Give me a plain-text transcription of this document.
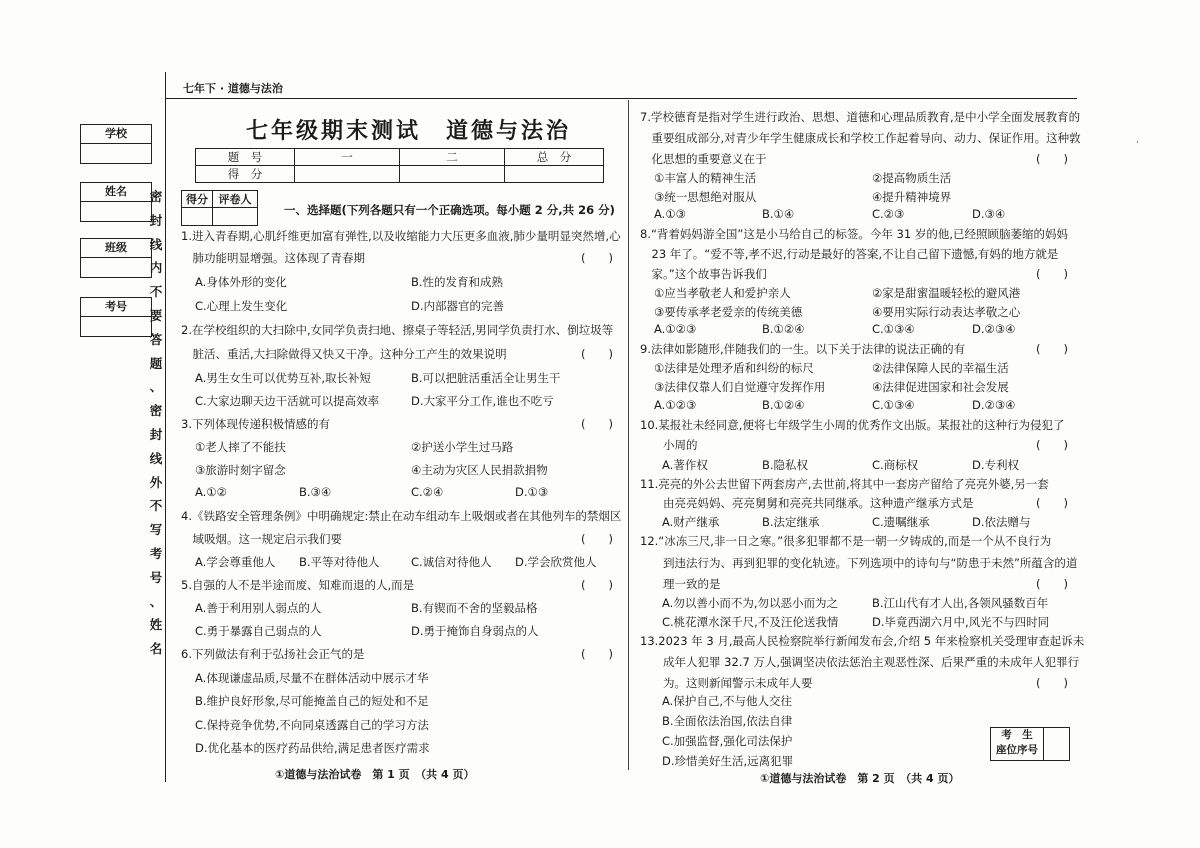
七年下 · 道德与法治
·
学校
姓名
班级
考号
密
封
线
内
不
要
答
题
、
密
封
线
外
不
写
考
号
、
姓
名
七年级期末测试　道德与法治
题　号	一	二	总　分
得　分			
得分	评卷人

一、选择题(下列各题只有一个正确选项。每小题 2 分,共 26 分)
1.进入青春期,心肌纤维更加富有弹性,以及收缩能力大压更多血液,肺少量明显突然增,心
　肺功能明显增强。这体现了青春期	(　　)
A.身体外形的变化	B.性的发育和成熟
C.心理上发生变化	D.内部器官的完善
2.在学校组织的大扫除中,女同学负责扫地、擦桌子等轻活,男同学负责打水、倒垃圾等
　脏活、重活,大扫除做得又快又干净。这种分工产生的效果说明	(　　)
A.男生女生可以优势互补,取长补短	B.可以把脏活重活全让男生干
C.大家边聊天边干活就可以提高效率	D.大家平分工作,谁也不吃亏
3.下列体现传递积极情感的有	(　　)
①老人摔了不能扶	②护送小学生过马路
③旅游时刻字留念	④主动为灾区人民捐款捐物
A.①②	B.③④	C.②④	D.①③
4.《铁路安全管理条例》中明确规定:禁止在动车组动车上吸烟或者在其他列车的禁烟区
　域吸烟。这一规定启示我们要	(　　)
A.学会尊重他人 B.平等对待他人	C.诚信对待他人 D.学会欣赏他人
5.自强的人不是半途而废、知难而退的人,而是	(　　)
A.善于利用别人弱点的人	B.有锲而不舍的坚毅品格
C.勇于暴露自己弱点的人	D.勇于掩饰自身弱点的人
6.下列做法有利于弘扬社会正气的是	(　　)
A.体现谦虚品质,尽量不在群体活动中展示才华
B.维护良好形象,尽可能掩盖自己的短处和不足
C.保持竞争优势,不向同桌透露自己的学习方法
D.优化基本的医疗药品供给,满足患者医疗需求
7.学校德育是指对学生进行政治、思想、道德和心理品质教育,是中小学全面发展教育的
　重要组成部分,对青少年学生健康成长和学校工作起着导向、动力、保证作用。这种敦
　化思想的重要意义在于	(　　)
①丰富人的精神生活	②提高物质生活
③统一思想绝对服从	④提升精神境界
A.①③	B.①④	C.②③	D.③④
8.“背着妈妈游全国”这是小马给自己的标签。今年 31 岁的他,已经照顾脑萎缩的妈妈
　23 年了。“爱不等,孝不迟,行动是最好的答案,不让自己留下遗憾,有妈的地方就是
　家。”这个故事告诉我们	(　　)
①应当孝敬老人和爱护亲人	②家是甜蜜温暖轻松的避风港
③要传承孝老爱亲的传统美德	④要用实际行动表达孝敬之心
A.①②③	B.①②④	C.①③④	D.②③④
9.法律如影随形,伴随我们的一生。以下关于法律的说法正确的有	(　　)
①法律是处理矛盾和纠纷的标尺	②法律保障人民的幸福生活
③法律仅靠人们自觉遵守发挥作用	④法律促进国家和社会发展
A.①②③	B.①②④	C.①③④	D.②③④
10.某报社未经同意,便将七年级学生小周的优秀作文出版。某报社的这种行为侵犯了
　　小周的	(　　)
A.著作权	B.隐私权	C.商标权	D.专利权
11.亮亮的外公去世留下两套房产,去世前,将其中一套房产留给了亮亮外婆,另一套
　　由亮亮妈妈、亮亮舅舅和亮亮共同继承。这种遗产继承方式是	(　　)
A.财产继承	B.法定继承	C.遗嘱继承	D.依法赠与
12.“冰冻三尺,非一日之寒。”很多犯罪都不是一朝一夕铸成的,而是一个从不良行为
　　到违法行为、再到犯罪的变化轨迹。下列选项中的诗句与“防患于未然”所蕴含的道
　　理一致的是	(　　)
A.勿以善小而不为,勿以恶小而为之	B.江山代有才人出,各领风骚数百年
C.桃花潭水深千尺,不及汪伦送我情	D.毕竟西湖六月中,风光不与四时同
13.2023 年 3 月,最高人民检察院举行新闻发布会,介绍 5 年来检察机关受理审查起诉未
　　成年人犯罪 32.7 万人,强调坚决依法惩治主观恶性深、后果严重的未成年人犯罪行
　　为。这则新闻警示未成年人要	(　　)
A.保护自己,不与他人交往
B.全面依法治国,依法自律
C.加强监督,强化司法保护
D.珍惜美好生活,远离犯罪
考　生
座位序号
①道德与法治试卷　第 1 页　（共 4 页）	①道德与法治试卷　第 2 页　（共 4 页）
